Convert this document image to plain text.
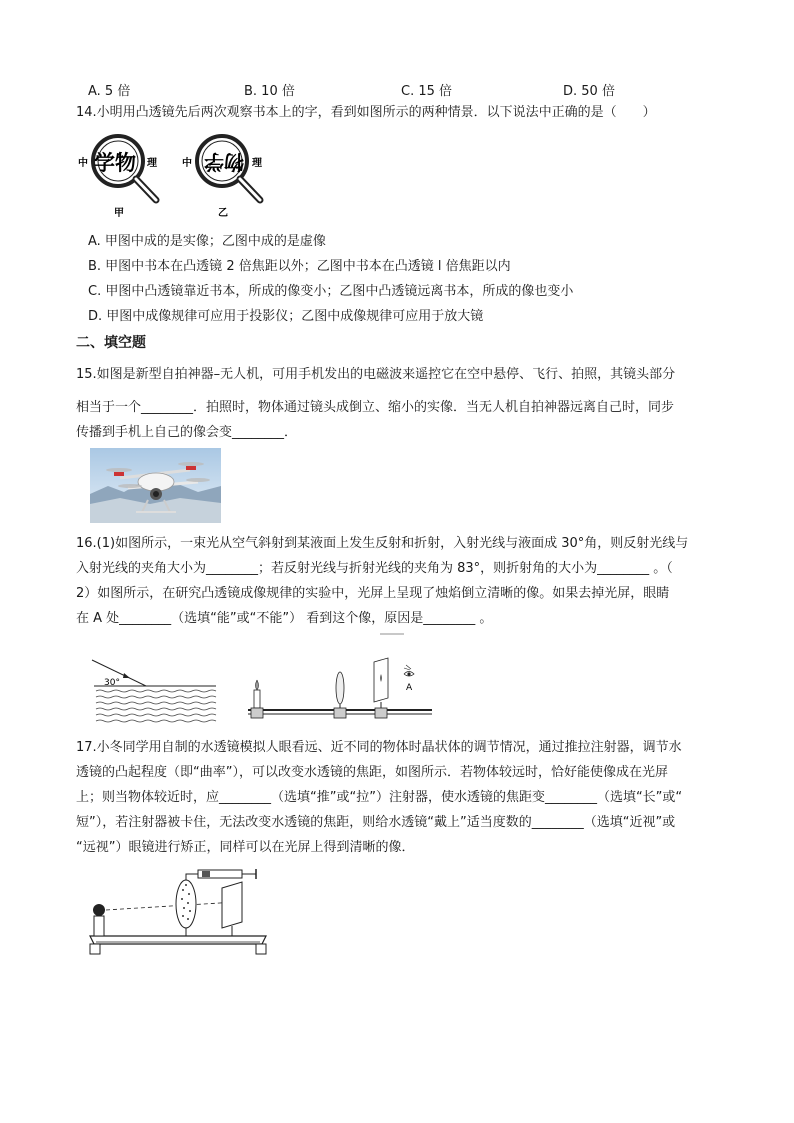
A. 5 倍	B. 10 倍	C. 15 倍	D. 50 倍
14.小明用凸透镜先后两次观察书本上的字，看到如图所示的两种情景．以下说法中正确的是（　　）
中 学物 理
甲
中 物学 理
乙
A. 甲图中成的是实像；乙图中成的是虚像
B. 甲图中书本在凸透镜 2 倍焦距以外；乙图中书本在凸透镜 l 倍焦距以内
C. 甲图中凸透镜靠近书本，所成的像变小；乙图中凸透镜远离书本，所成的像也变小
D. 甲图中成像规律可应用于投影仪；乙图中成像规律可应用于放大镜
二、填空题
15.如图是新型自拍神器–无人机，可用手机发出的电磁波来遥控它在空中悬停、飞行、拍照，其镜头部分
相当于一个________．拍照时，物体通过镜头成倒立、缩小的实像．当无人机自拍神器远离自己时，同步
传播到手机上自己的像会变________．
16.(1)如图所示，一束光从空气斜射到某液面上发生反射和折射，入射光线与液面成 30°角，则反射光线与
入射光线的夹角大小为________；若反射光线与折射光线的夹角为 83°，则折射角的大小为________ 。（
2）如图所示，在研究凸透镜成像规律的实验中，光屏上呈现了烛焰倒立清晰的像。如果去掉光屏，眼睛
在 A 处________（选填“能”或“不能”） 看到这个像，原因是________ 。
30°	A
17.小冬同学用自制的水透镜模拟人眼看远、近不同的物体时晶状体的调节情况，通过推拉注射器，调节水
透镜的凸起程度（即“曲率”），可以改变水透镜的焦距，如图所示．若物体较远时，恰好能使像成在光屏
上；则当物体较近时，应________（选填“推”或“拉”）注射器，使水透镜的焦距变________（选填“长”或“
短”），若注射器被卡住，无法改变水透镜的焦距，则给水透镜“戴上”适当度数的________（选填“近视”或
“远视”）眼镜进行矫正，同样可以在光屏上得到清晰的像．
